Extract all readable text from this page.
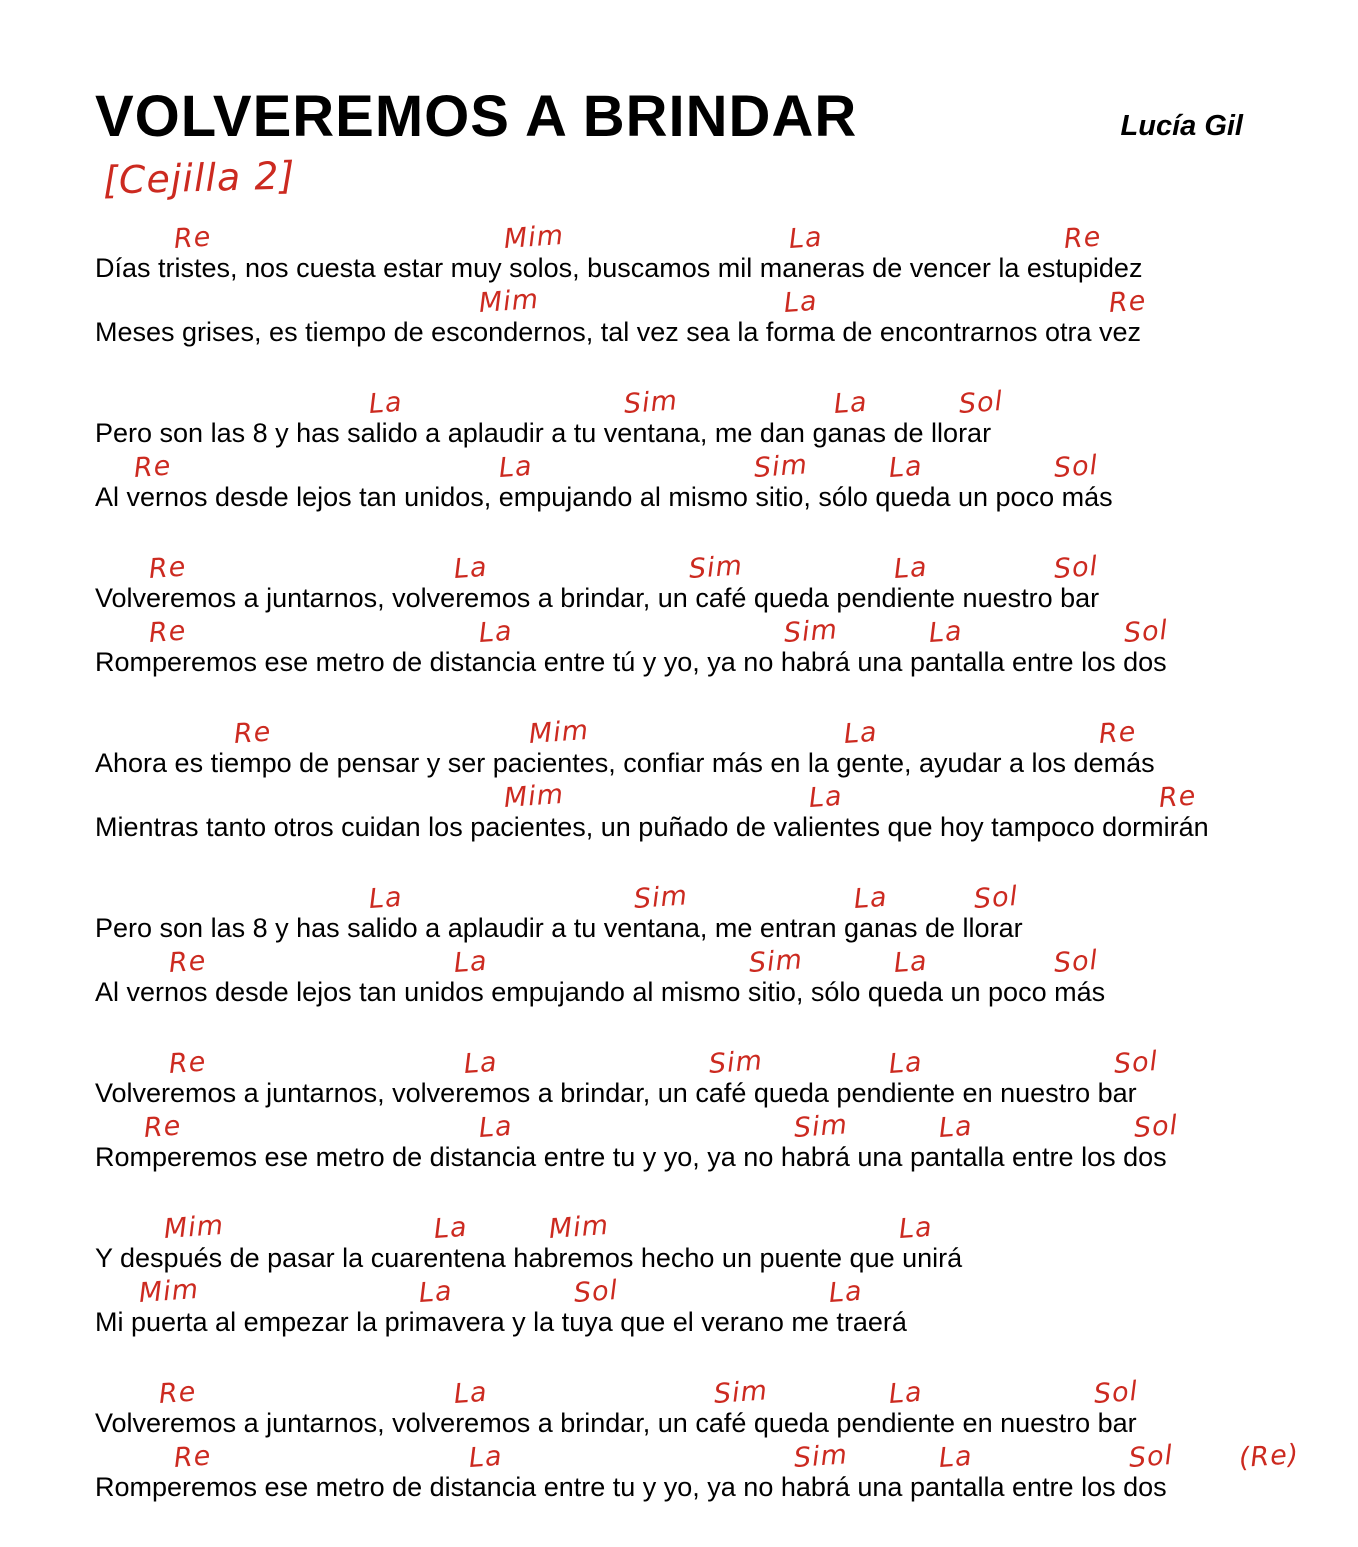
VOLVEREMOS A BRINDAR	Lucía Gil
[Cejilla 2]
Re	Mim	La	Re
Días tristes, nos cuesta estar muy solos, buscamos mil maneras de vencer la estupidez
Mim	La	Re
Meses grises, es tiempo de escondernos, tal vez sea la forma de encontrarnos otra vez
La	Sim	La	Sol
Pero son las 8 y has salido a aplaudir a tu ventana, me dan ganas de llorar
Re	La	Sim	La	Sol
Al vernos desde lejos tan unidos, empujando al mismo sitio, sólo queda un poco más
Re	La	Sim	La	Sol
Volveremos a juntarnos, volveremos a brindar, un café queda pendiente nuestro bar
Re	La	Sim	La	Sol
Romperemos ese metro de distancia entre tú y yo, ya no habrá una pantalla entre los dos
Re	Mim	La	Re
Ahora es tiempo de pensar y ser pacientes, confiar más en la gente, ayudar a los demás
Mim	La	Re
Mientras tanto otros cuidan los pacientes, un puñado de valientes que hoy tampoco dormirán
La	Sim	La	Sol
Pero son las 8 y has salido a aplaudir a tu ventana, me entran ganas de llorar
Re	La	Sim	La	Sol
Al vernos desde lejos tan unidos empujando al mismo sitio, sólo queda un poco más
Re	La	Sim	La	Sol
Volveremos a juntarnos, volveremos a brindar, un café queda pendiente en nuestro bar
Re	La	Sim	La	Sol
Romperemos ese metro de distancia entre tu y yo, ya no habrá una pantalla entre los dos
Mim	La	Mim	La
Y después de pasar la cuarentena habremos hecho un puente que unirá
Mim	La	Sol	La
Mi puerta al empezar la primavera y la tuya que el verano me traerá
Re	La	Sim	La	Sol
Volveremos a juntarnos, volveremos a brindar, un café queda pendiente en nuestro bar
Re	La	Sim	La	Sol (Re)
Romperemos ese metro de distancia entre tu y yo, ya no habrá una pantalla entre los dos
